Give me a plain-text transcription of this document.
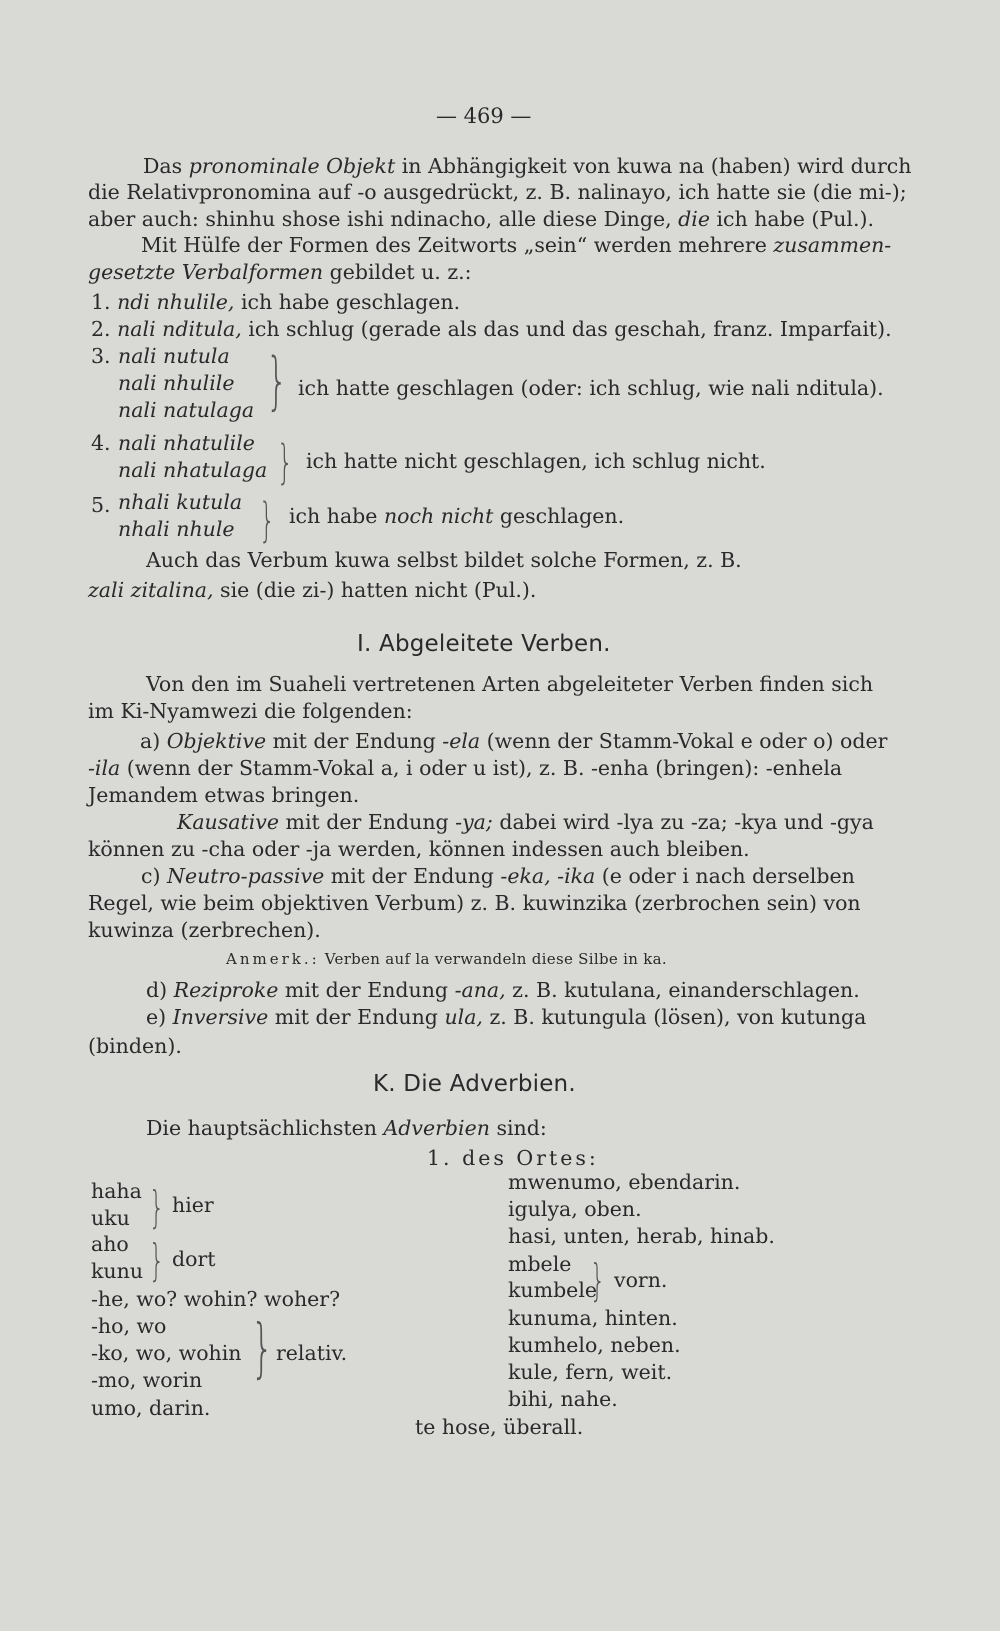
— 469 —
Das pronominale Objekt in Abhängigkeit von kuwa na (haben) wird durch
die Relativpronomina auf -o ausgedrückt, z. B. nalinayo, ich hatte sie (die mi-);
aber auch: shinhu shose ishi ndinacho, alle diese Dinge, die ich habe (Pul.).
Mit Hülfe der Formen des Zeitworts „sein“ werden mehrere zusammen-
gesetzte Verbalformen gebildet u. z.:
1. ndi nhulile, ich habe geschlagen.
2. nali nditula, ich schlug (gerade als das und das geschah, franz. Imparfait).
3. nali nutula
nali nhulile
nali natulaga } ich hatte geschlagen (oder: ich schlug, wie nali nditula).
4. nali nhatulile
nali nhatulaga } ich hatte nicht geschlagen, ich schlug nicht.
5. nhali kutula
nhali nhule } ich habe noch nicht geschlagen.
Auch das Verbum kuwa selbst bildet solche Formen, z. B.
zali zitalina, sie (die zi-) hatten nicht (Pul.).
I. Abgeleitete Verben.
Von den im Suaheli vertretenen Arten abgeleiteter Verben finden sich
im Ki-Nyamwezi die folgenden:
a) Objektive mit der Endung -ela (wenn der Stamm-Vokal e oder o) oder
-ila (wenn der Stamm-Vokal a, i oder u ist), z. B. -enha (bringen): -enhela
Jemandem etwas bringen.
Kausative mit der Endung -ya; dabei wird -lya zu -za; -kya und -gya
können zu -cha oder -ja werden, können indessen auch bleiben.
c) Neutro-passive mit der Endung -eka, -ika (e oder i nach derselben
Regel, wie beim objektiven Verbum) z. B. kuwinzika (zerbrochen sein) von
kuwinza (zerbrechen).
Anmerk.: Verben auf la verwandeln diese Silbe in ka.
d) Reziproke mit der Endung -ana, z. B. kutulana, einanderschlagen.
e) Inversive mit der Endung ula, z. B. kutungula (lösen), von kutunga
(binden).
K. Die Adverbien.
Die hauptsächlichsten Adverbien sind:
1. des Ortes:
haha
uku } hier
aho
kunu } dort
-he, wo? wohin? woher?
-ho, wo
-ko, wo, wohin
-mo, worin } relativ.
umo, darin.
mwenumo, ebendarin.
igulya, oben.
hasi, unten, herab, hinab.
mbele
kumbele
} vorn.
kunuma, hinten.
kumhelo, neben.
kule, fern, weit.
bihi, nahe.
te hose, überall.
